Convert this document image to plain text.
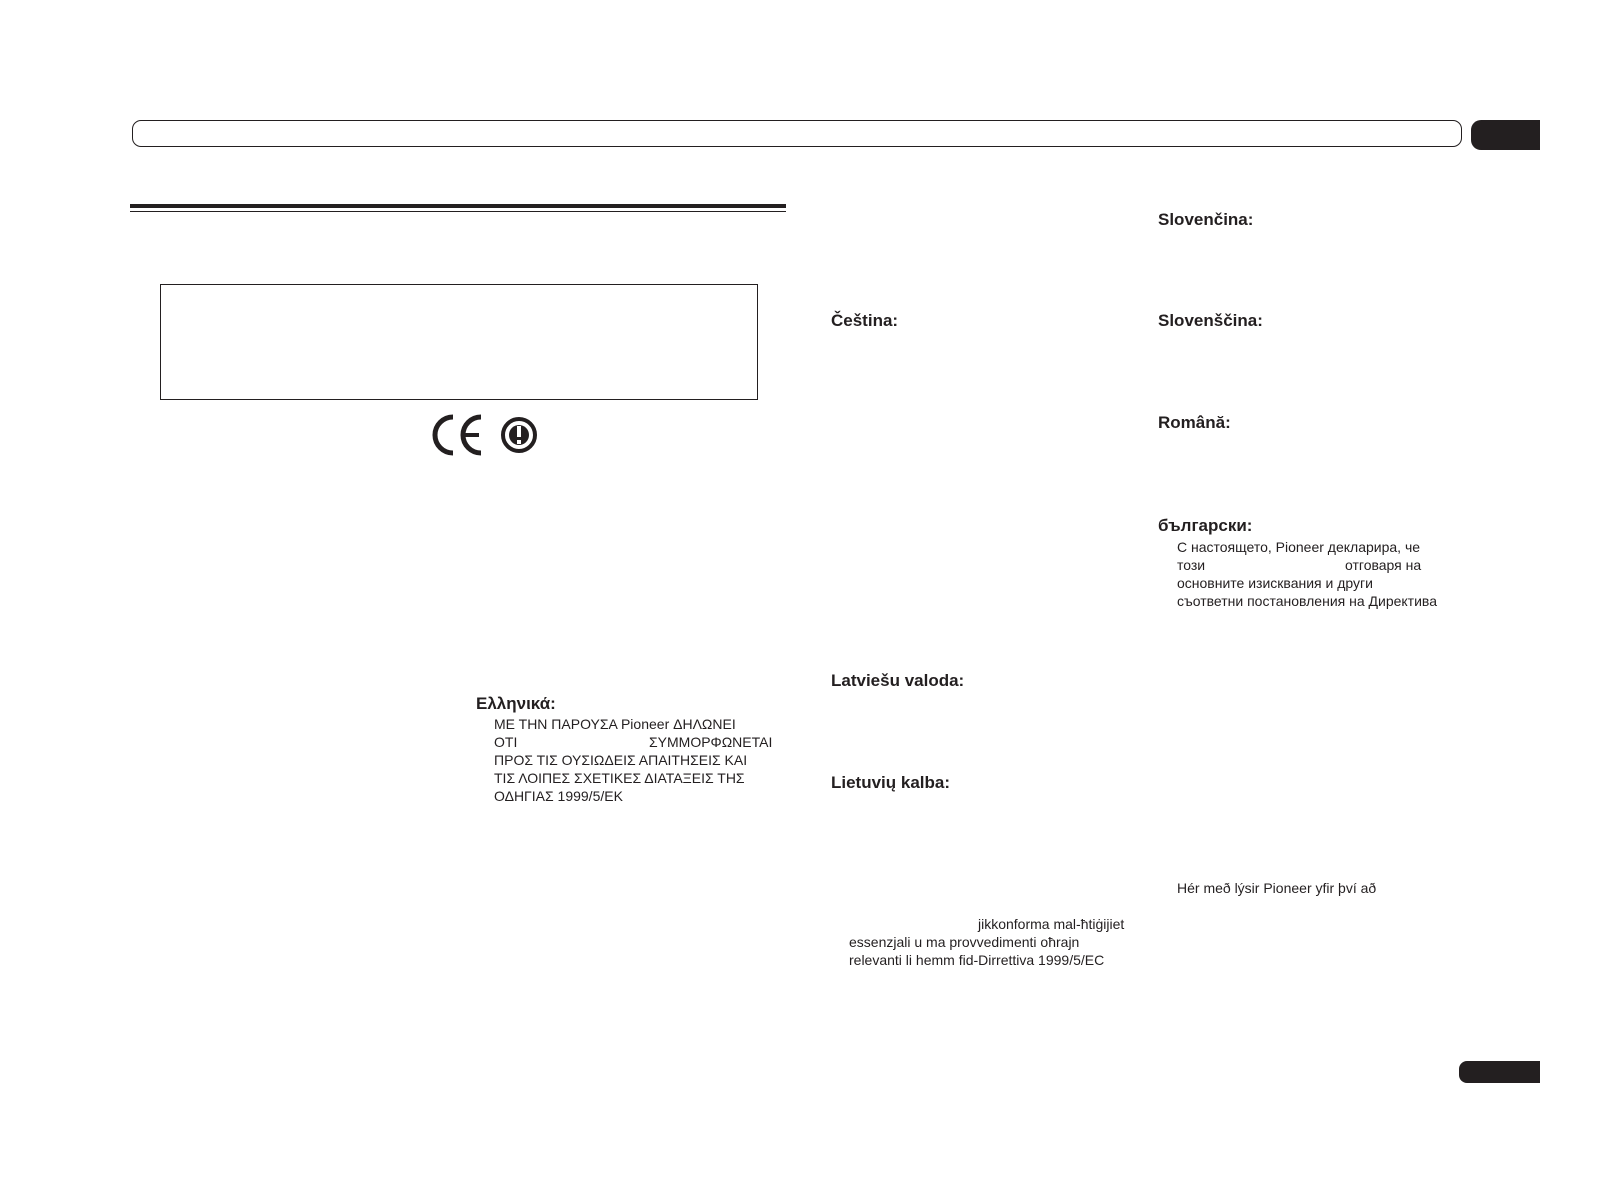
Ελληνικά:
ΜΕ ΤΗΝ ΠΑΡΟΥΣΑ Pioneer ΔΗΛΩΝΕΙ
ΟΤΙ	ΣΥΜΜΟΡΦΩΝΕΤΑΙ
ΠΡΟΣ ΤΙΣ ΟΥΣΙΩΔΕΙΣ ΑΠΑΙΤΗΣΕΙΣ ΚΑΙ
ΤΙΣ ΛΟΙΠΕΣ ΣΧΕΤΙΚΕΣ ΔΙΑΤΑΞΕΙΣ ΤΗΣ
ΟΔΗΓΙΑΣ 1999/5/ΕΚ
Čeština:
Latviešu valoda:
Lietuvių kalba:
jikkonforma mal-ħtiġijiet
essenzjali u ma provvedimenti oħrajn
relevanti li hemm fid-Dirrettiva 1999/5/EC
Slovenčina:
Slovenščina:
Română:
български:
С настоящето, Pioneer декларира, че
този	отговаря на
основните изисквания и други
съответни постановления на Директива
Hér með lýsir Pioneer yfir því að
